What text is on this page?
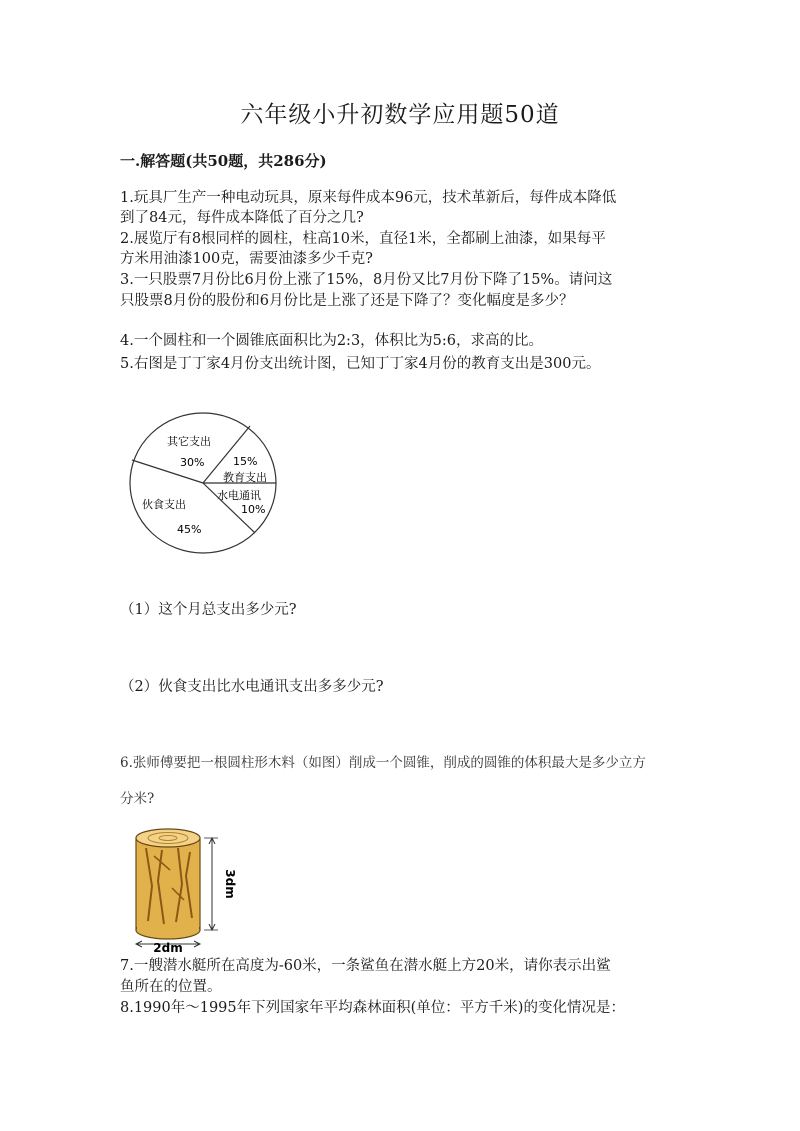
六年级小升初数学应用题50道
一.解答题(共50题，共286分)
1.玩具厂生产一种电动玩具，原来每件成本96元，技术革新后，每件成本降低
到了84元，每件成本降低了百分之几?
2.展览厅有8根同样的圆柱，柱高10米，直径1米，全都刷上油漆，如果每平
方米用油漆100克，需要油漆多少千克?
3.一只股票7月份比6月份上涨了15%，8月份又比7月份下降了15%。请问这
只股票8月份的股份和6月份比是上涨了还是下降了？变化幅度是多少？
4.一个圆柱和一个圆锥底面积比为2:3，体积比为5:6，求高的比。
5.右图是丁丁家4月份支出统计图，已知丁丁家4月份的教育支出是300元。
其它支出
30%	15%
教育支出
水电通讯
10%
伙食支出
45%
（1）这个月总支出多少元?
（2）伙食支出比水电通讯支出多多少元?
6.张师傅要把一根圆柱形木料（如图）削成一个圆锥，削成的圆锥的体积最大是多少立方
分米?
3dm
2dm
7.一艘潜水艇所在高度为-60米，一条鲨鱼在潜水艇上方20米，请你表示出鲨
鱼所在的位置。
8.1990年～1995年下列国家年平均森林面积(单位：平方千米)的变化情况是：
